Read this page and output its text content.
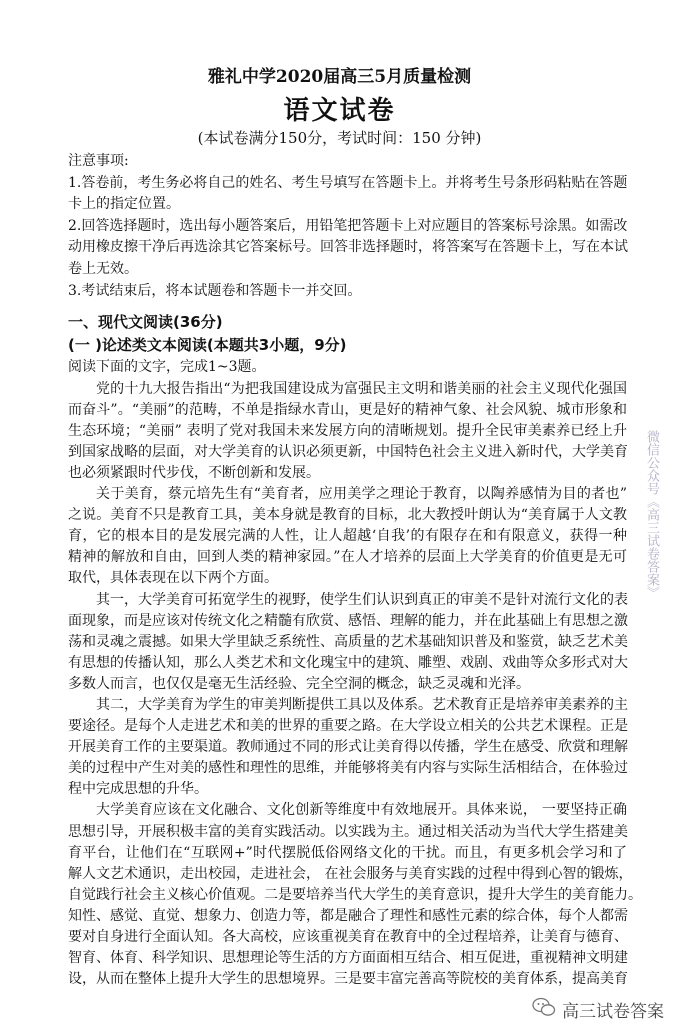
雅礼中学2020届高三5月质量检测
语文试卷
(本试卷满分150分，考试时间：150 分钟)
注意事项:
1.答卷前，考生务必将自己的姓名、考生号填写在答题卡上。并将考生号条形码粘贴在答题
卡上的指定位置。
2.回答选择题时，选出每小题答案后，用铅笔把答题卡上对应题目的答案标号涂黑。如需改
动用橡皮擦干净后再选涂其它答案标号。回答非选择题时，将答案写在答题卡上，写在本试
卷上无效。
3.考试结束后，将本试题卷和答题卡一并交回。
一、现代文阅读(36分)
(一 )论述类文本阅读(本题共3小题，9分)
阅读下面的文字，完成1~3题。
党的十九大报告指出“为把我国建设成为富强民主文明和谐美丽的社会主义现代化强国
而奋斗”。“美丽”的范畴，不单是指绿水青山，更是好的精神气象、社会风貌、城市形象和
生态环境；“美丽” 表明了党对我国未来发展方向的清晰规划。提升全民审美素养已经上升
到国家战略的层面，对大学美育的认识必须更新，中国特色社会主义进入新时代，大学美育
也必须紧跟时代步伐，不断创新和发展。
关于美育，蔡元培先生有“美育者，应用美学之理论于教育，以陶养感情为目的者也”
之说。美育不只是教育工具，美本身就是教育的目标，北大教授叶朗认为“美育属于人文教
育，它的根本目的是发展完满的人性，让人超越‘自我’的有限存在和有限意义，获得一种
精神的解放和自由，回到人类的精神家园。”在人才培养的层面上大学美育的价值更是无可
取代，具体表现在以下两个方面。
其一，大学美育可拓宽学生的视野，使学生们认识到真正的审美不是针对流行文化的表
面现象，而是应该对传统文化之精髓有欣赏、感悟、理解的能力，并在此基础上有思想之激
荡和灵魂之震撼。如果大学里缺乏系统性、高质量的艺术基础知识普及和鉴赏，缺乏艺术美
有思想的传播认知，那么人类艺术和文化瑰宝中的建筑、雕塑、戏剧、戏曲等众多形式对大
多数人而言，也仅仅是毫无生活经验、完全空洞的概念，缺乏灵魂和光泽。
其二，大学美育为学生的审美判断提供工具以及体系。艺术教育正是培养审美素养的主
要途径。是每个人走进艺术和美的世界的重要之路。在大学设立相关的公共艺术课程。正是
开展美育工作的主要渠道。教师通过不同的形式让美育得以传播，学生在感受、欣赏和理解
美的过程中产生对美的感性和理性的思维，并能够将美有内容与实际生活相结合，在体验过
程中完成思想的升华。
大学美育应该在文化融合、文化创新等维度中有效地展开。具体来说， 一要坚持正确
思想引导，开展积极丰富的美育实践活动。以实践为主。通过相关活动为当代大学生搭建美
育平台，让他们在“互联网+”时代摆脱低俗网络文化的干扰。而且，有更多机会学习和了
解人文艺术通识，走出校园，走进社会， 在社会服务与美育实践的过程中得到心智的锻炼，
自觉践行社会主义核心价值观。二是要培养当代大学生的美育意识，提升大学生的美育能力。
知性、感觉、直觉、想象力、创造力等，都是融合了理性和感性元素的综合体，每个人都需
要对自身进行全面认知。各大高校，应该重视美育在教育中的全过程培养，让美育与德育、
智育、体育、科学知识、思想理论等生活的方方面面相互结合、相互促进，重视精神文明建
设，从而在整体上提升大学生的思想境界。三是要丰富完善高等院校的美育体系，提高美育
微信公众号《高三试卷答案》
高三试卷答案
